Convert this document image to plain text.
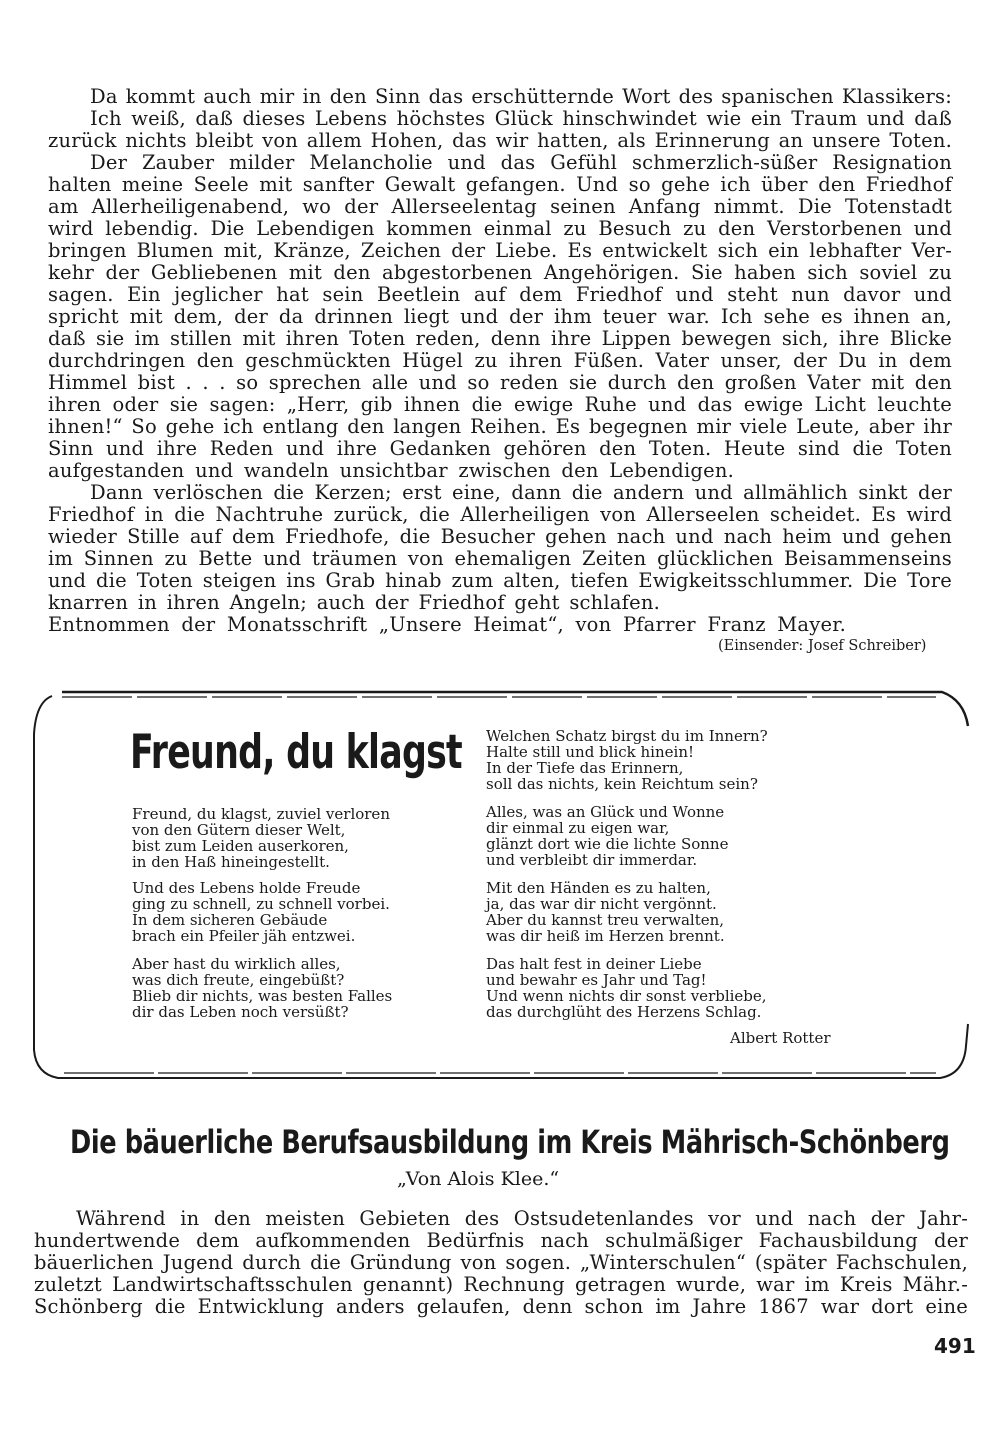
Da kommt auch mir in den Sinn das erschütternde Wort des spanischen Klassikers:
Ich weiß, daß dieses Lebens höchstes Glück hinschwindet wie ein Traum und daß
zurück nichts bleibt von allem Hohen, das wir hatten, als Erinnerung an unsere Toten.
Der Zauber milder Melancholie und das Gefühl schmerzlich-süßer Resignation
halten meine Seele mit sanfter Gewalt gefangen. Und so gehe ich über den Friedhof
am Allerheiligenabend, wo der Allerseelentag seinen Anfang nimmt. Die Totenstadt
wird lebendig. Die Lebendigen kommen einmal zu Besuch zu den Verstorbenen und
bringen Blumen mit, Kränze, Zeichen der Liebe. Es entwickelt sich ein lebhafter Ver-
kehr der Gebliebenen mit den abgestorbenen Angehörigen. Sie haben sich soviel zu
sagen. Ein jeglicher hat sein Beetlein auf dem Friedhof und steht nun davor und
spricht mit dem, der da drinnen liegt und der ihm teuer war. Ich sehe es ihnen an,
daß sie im stillen mit ihren Toten reden, denn ihre Lippen bewegen sich, ihre Blicke
durchdringen den geschmückten Hügel zu ihren Füßen. Vater unser, der Du in dem
Himmel bist . . . so sprechen alle und so reden sie durch den großen Vater mit den
ihren oder sie sagen: „Herr, gib ihnen die ewige Ruhe und das ewige Licht leuchte
ihnen!“ So gehe ich entlang den langen Reihen. Es begegnen mir viele Leute, aber ihr
Sinn und ihre Reden und ihre Gedanken gehören den Toten. Heute sind die Toten
aufgestanden und wandeln unsichtbar zwischen den Lebendigen.
Dann verlöschen die Kerzen; erst eine, dann die andern und allmählich sinkt der
Friedhof in die Nachtruhe zurück, die Allerheiligen von Allerseelen scheidet. Es wird
wieder Stille auf dem Friedhofe, die Besucher gehen nach und nach heim und gehen
im Sinnen zu Bette und träumen von ehemaligen Zeiten glücklichen Beisammenseins
und die Toten steigen ins Grab hinab zum alten, tiefen Ewigkeitsschlummer. Die Tore
knarren in ihren Angeln; auch der Friedhof geht schlafen.
Entnommen der Monatsschrift „Unsere Heimat“, von Pfarrer Franz Mayer.
(Einsender: Josef Schreiber)
Freund, du klagst
Freund, du klagst, zuviel verloren
von den Gütern dieser Welt,
bist zum Leiden auserkoren,
in den Haß hineingestellt.
Und des Lebens holde Freude
ging zu schnell, zu schnell vorbei.
In dem sicheren Gebäude
brach ein Pfeiler jäh entzwei.
Aber hast du wirklich alles,
was dich freute, eingebüßt?
Blieb dir nichts, was besten Falles
dir das Leben noch versüßt?
Welchen Schatz birgst du im Innern?
Halte still und blick hinein!
In der Tiefe das Erinnern,
soll das nichts, kein Reichtum sein?
Alles, was an Glück und Wonne
dir einmal zu eigen war,
glänzt dort wie die lichte Sonne
und verbleibt dir immerdar.
Mit den Händen es zu halten,
ja, das war dir nicht vergönnt.
Aber du kannst treu verwalten,
was dir heiß im Herzen brennt.
Das halt fest in deiner Liebe
und bewahr es Jahr und Tag!
Und wenn nichts dir sonst verbliebe,
das durchglüht des Herzens Schlag.
Albert Rotter
Die bäuerliche Berufsausbildung im Kreis Mährisch-Schönberg
„Von Alois Klee.“
Während in den meisten Gebieten des Ostsudetenlandes vor und nach der Jahr-
hundertwende dem aufkommenden Bedürfnis nach schulmäßiger Fachausbildung der
bäuerlichen Jugend durch die Gründung von sogen. „Winterschulen“ (später Fachschulen,
zuletzt Landwirtschaftsschulen genannt) Rechnung getragen wurde, war im Kreis Mähr.-
Schönberg die Entwicklung anders gelaufen, denn schon im Jahre 1867 war dort eine
491
